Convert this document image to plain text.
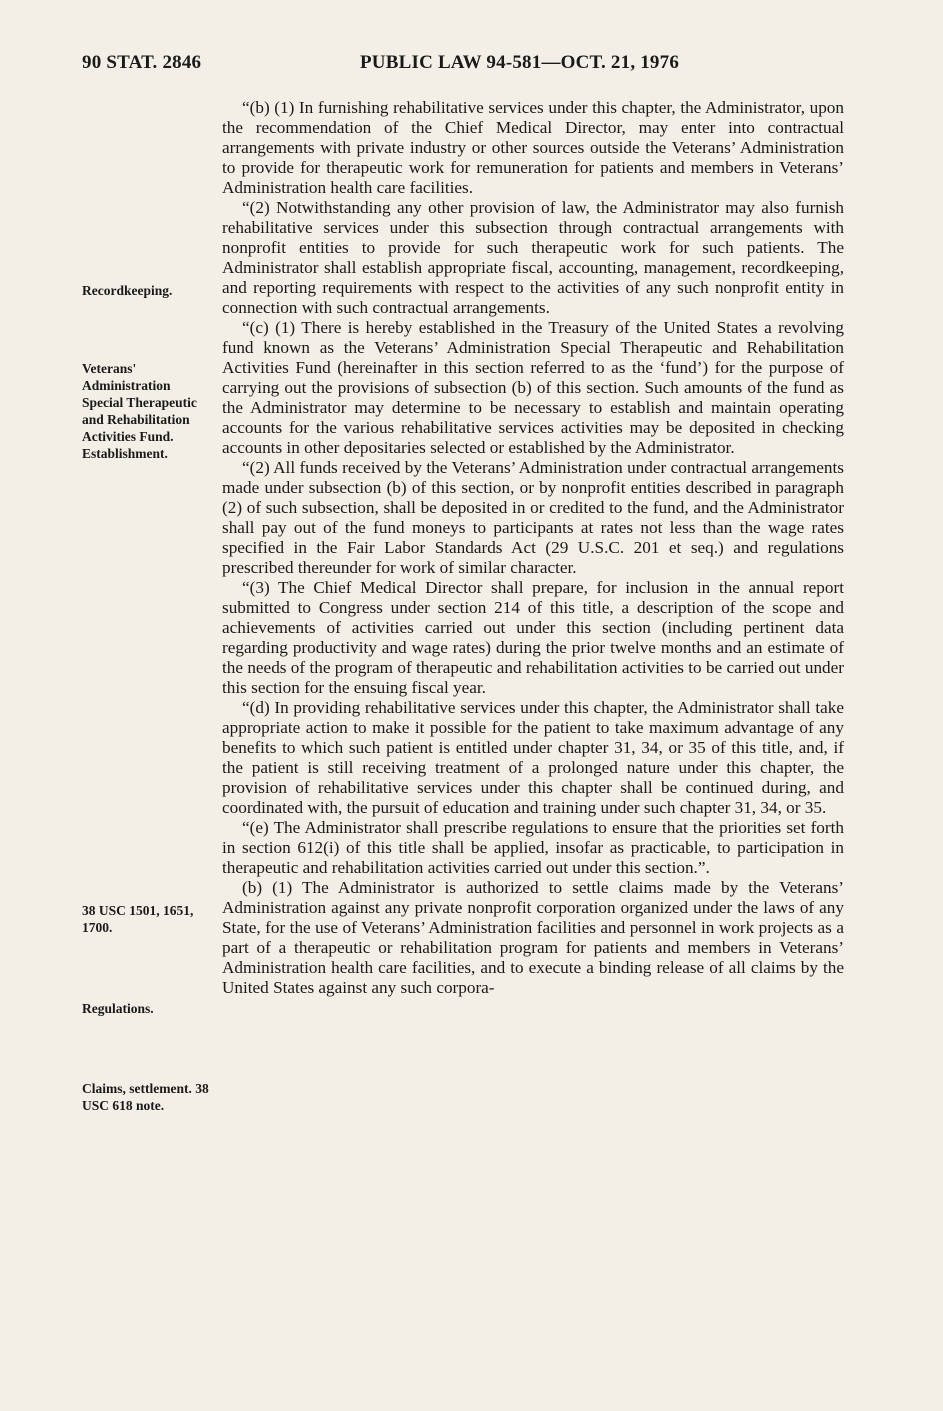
90 STAT. 2846	PUBLIC LAW 94-581—OCT. 21, 1976
Recordkeeping.
Veterans' Administration Special Therapeutic and Rehabilitation Activities Fund. Establishment.
38 USC 1501, 1651, 1700.
Regulations.
Claims, settlement. 38 USC 618 note.

“(b) (1) In furnishing rehabilitative services under this chapter, the Administrator, upon the recommendation of the Chief Medical Director, may enter into contractual arrangements with private industry or other sources outside the Veterans’ Administration to provide for therapeutic work for remuneration for patients and members in Veterans’ Administration health care facilities.

“(2) Notwithstanding any other provision of law, the Administrator may also furnish rehabilitative services under this subsection through contractual arrangements with nonprofit entities to provide for such therapeutic work for such patients. The Administrator shall establish appropriate fiscal, accounting, management, recordkeeping, and reporting requirements with respect to the activities of any such nonprofit entity in connection with such contractual arrangements.

“(c) (1) There is hereby established in the Treasury of the United States a revolving fund known as the Veterans’ Administration Special Therapeutic and Rehabilitation Activities Fund (hereinafter in this section referred to as the ‘fund’) for the purpose of carrying out the provisions of subsection (b) of this section. Such amounts of the fund as the Administrator may determine to be necessary to establish and maintain operating accounts for the various rehabilitative services activities may be deposited in checking accounts in other depositaries selected or established by the Administrator.

“(2) All funds received by the Veterans’ Administration under contractual arrangements made under subsection (b) of this section, or by nonprofit entities described in paragraph (2) of such subsection, shall be deposited in or credited to the fund, and the Administrator shall pay out of the fund moneys to participants at rates not less than the wage rates specified in the Fair Labor Standards Act (29 U.S.C. 201 et seq.) and regulations prescribed thereunder for work of similar character.

“(3) The Chief Medical Director shall prepare, for inclusion in the annual report submitted to Congress under section 214 of this title, a description of the scope and achievements of activities carried out under this section (including pertinent data regarding productivity and wage rates) during the prior twelve months and an estimate of the needs of the program of therapeutic and rehabilitation activities to be carried out under this section for the ensuing fiscal year.

“(d) In providing rehabilitative services under this chapter, the Administrator shall take appropriate action to make it possible for the patient to take maximum advantage of any benefits to which such patient is entitled under chapter 31, 34, or 35 of this title, and, if the patient is still receiving treatment of a prolonged nature under this chapter, the provision of rehabilitative services under this chapter shall be continued during, and coordinated with, the pursuit of education and training under such chapter 31, 34, or 35.

“(e) The Administrator shall prescribe regulations to ensure that the priorities set forth in section 612(i) of this title shall be applied, insofar as practicable, to participation in therapeutic and rehabilitation activities carried out under this section.”.

(b) (1) The Administrator is authorized to settle claims made by the Veterans’ Administration against any private nonprofit corporation organized under the laws of any State, for the use of Veterans’ Administration facilities and personnel in work projects as a part of a therapeutic or rehabilitation program for patients and members in Veterans’ Administration health care facilities, and to execute a binding release of all claims by the United States against any such corpora-
